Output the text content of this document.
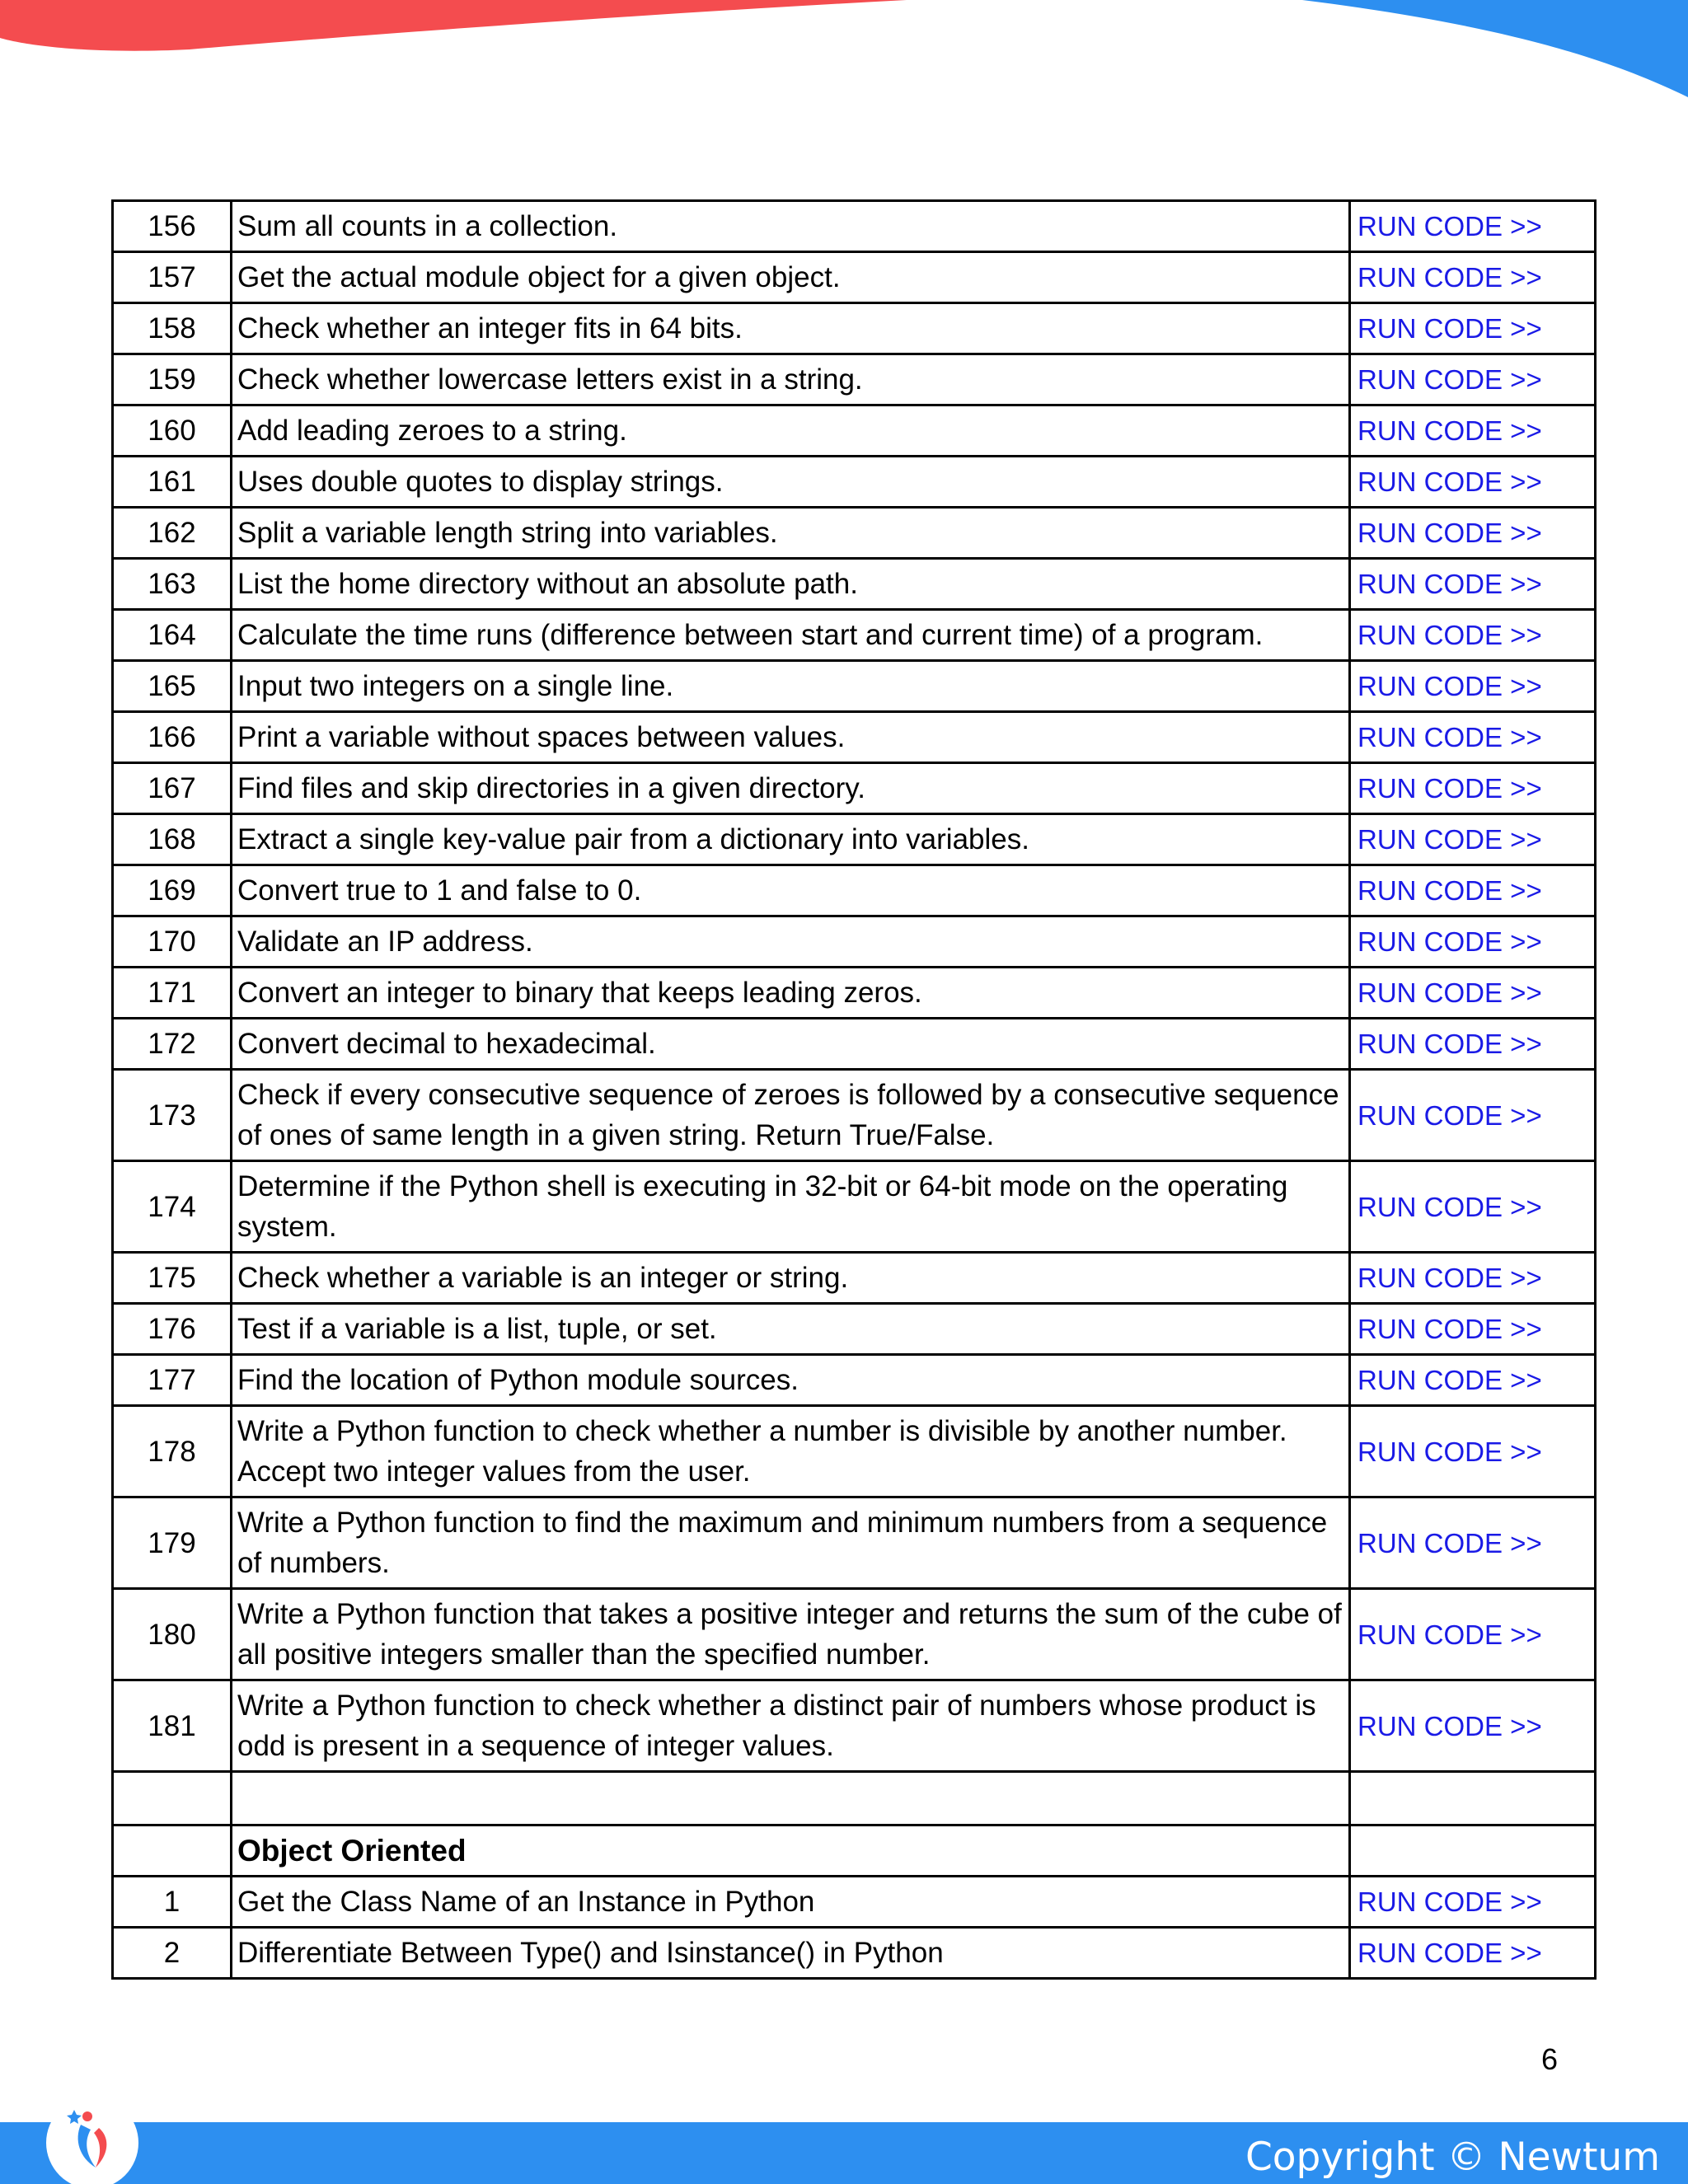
156	Sum all counts in a collection.	RUN CODE >>
157	Get the actual module object for a given object.	RUN CODE >>
158	Check whether an integer fits in 64 bits.	RUN CODE >>
159	Check whether lowercase letters exist in a string.	RUN CODE >>
160	Add leading zeroes to a string.	RUN CODE >>
161	Uses double quotes to display strings.	RUN CODE >>
162	Split a variable length string into variables.	RUN CODE >>
163	List the home directory without an absolute path.	RUN CODE >>
164	Calculate the time runs (difference between start and current time) of a program.	RUN CODE >>
165	Input two integers on a single line.	RUN CODE >>
166	Print a variable without spaces between values.	RUN CODE >>
167	Find files and skip directories in a given directory.	RUN CODE >>
168	Extract a single key-value pair from a dictionary into variables.	RUN CODE >>
169	Convert true to 1 and false to 0.	RUN CODE >>
170	Validate an IP address.	RUN CODE >>
171	Convert an integer to binary that keeps leading zeros.	RUN CODE >>
172	Convert decimal to hexadecimal.	RUN CODE >>
173	Check if every consecutive sequence of zeroes is followed by a consecutive sequence of ones of same length in a given string. Return True/False.	RUN CODE >>
174	Determine if the Python shell is executing in 32-bit or 64-bit mode on the operating system.	RUN CODE >>
175	Check whether a variable is an integer or string.	RUN CODE >>
176	Test if a variable is a list, tuple, or set.	RUN CODE >>
177	Find the location of Python module sources.	RUN CODE >>
178	Write a Python function to check whether a number is divisible by another number. Accept two integer values from the user.	RUN CODE >>
179	Write a Python function to find the maximum and minimum numbers from a sequence of numbers.	RUN CODE >>
180	Write a Python function that takes a positive integer and returns the sum of the cube of all positive integers smaller than the specified number.	RUN CODE >>
181	Write a Python function to check whether a distinct pair of numbers whose product is odd is present in a sequence of integer values.	RUN CODE >>

	Object Oriented	
1	Get the Class Name of an Instance in Python	RUN CODE >>
2	Differentiate Between Type() and Isinstance() in Python	RUN CODE >>
6
Copyright © Newtum
